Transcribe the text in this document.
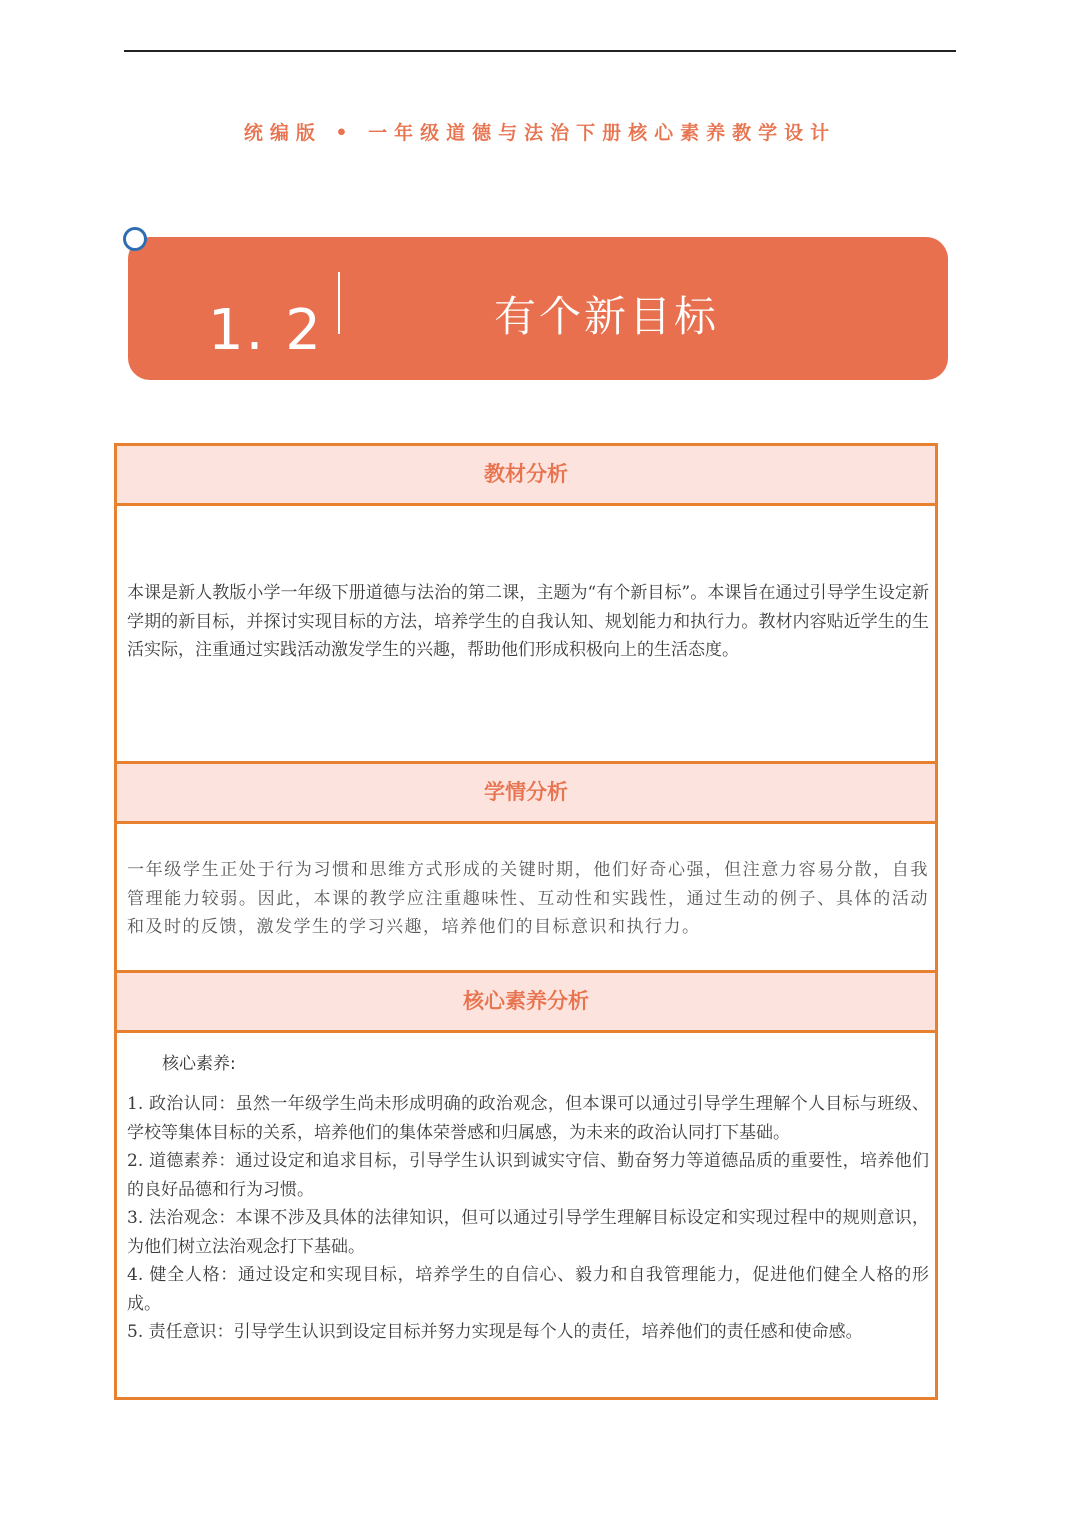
统编版 • 一年级道德与法治下册核心素养教学设计
1. 2	有个新目标
教材分析
本课是新人教版小学一年级下册道德与法治的第二课，主题为“有个新目标”。本课旨在通过引导学生设定新学期的新目标，并探讨实现目标的方法，培养学生的自我认知、规划能力和执行力。教材内容贴近学生的生活实际，注重通过实践活动激发学生的兴趣，帮助他们形成积极向上的生活态度。
学情分析
一年级学生正处于行为习惯和思维方式形成的关键时期，他们好奇心强，但注意力容易分散，自我管理能力较弱。因此，本课的教学应注重趣味性、互动性和实践性，通过生动的例子、具体的活动和及时的反馈，激发学生的学习兴趣，培养他们的目标意识和执行力。
核心素养分析
核心素养:

1. 政治认同：虽然一年级学生尚未形成明确的政治观念，但本课可以通过引导学生理解个人目标与班级、学校等集体目标的关系，培养他们的集体荣誉感和归属感，为未来的政治认同打下基础。

2. 道德素养：通过设定和追求目标，引导学生认识到诚实守信、勤奋努力等道德品质的重要性，培养他们的良好品德和行为习惯。

3. 法治观念：本课不涉及具体的法律知识，但可以通过引导学生理解目标设定和实现过程中的规则意识，为他们树立法治观念打下基础。

4. 健全人格：通过设定和实现目标，培养学生的自信心、毅力和自我管理能力，促进他们健全人格的形成。

5. 责任意识：引导学生认识到设定目标并努力实现是每个人的责任，培养他们的责任感和使命感。
